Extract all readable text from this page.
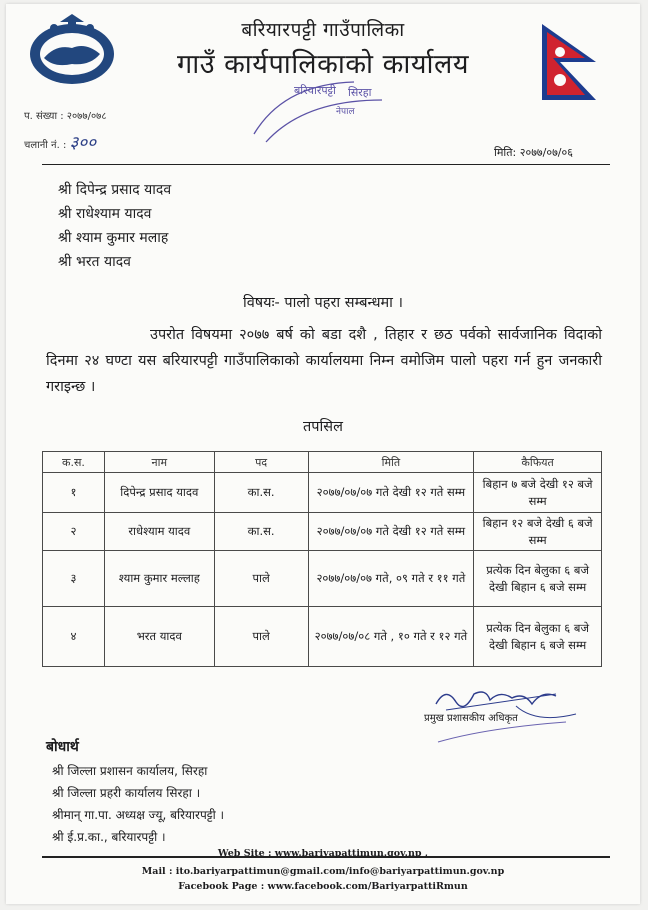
बरियारपट्टी गाउँपालिका
गाउँ कार्यपालिकाको कार्यालय
बरियारपट्टी सिरहा
नेपाल
प. संख्या : २०७७/०७८
चलानी नं. : ३००	मिति: २०७७/०७/०६
श्री दिपेन्द्र प्रसाद यादव
श्री राधेश्याम यादव
श्री श्याम कुमार मलाह
श्री भरत यादव
विषयः- पालो पहरा सम्बन्धमा ।

उपरोत विषयमा २०७७ बर्ष को बडा दशै , तिहार र छठ पर्वको सार्वजानिक विदाको दिनमा २४ घण्टा यस बरियारपट्टी गाउँपालिकाको कार्यालयमा निम्न वमोजिम पालो पहरा गर्न हुन जनकारी गराइन्छ ।

तपसिल
क.स.	नाम	पद	मिति	कैफियत
१	दिपेन्द्र प्रसाद यादव	का.स.	२०७७/०७/०७ गते देखी १२ गते सम्म	बिहान ७ बजे देखी १२ बजे सम्म
२	राधेश्याम यादव	का.स.	२०७७/०७/०७ गते देखी १२ गते सम्म	बिहान १२ बजे देखी ६ बजे सम्म
३	श्याम कुमार मल्लाह	पाले	२०७७/०७/०७ गते, ०९ गते र ११ गते	प्रत्येक दिन बेलुका ६ बजे देखी बिहान ६ बजे सम्म
४	भरत यादव	पाले	२०७७/०७/०८ गते , १० गते र १२ गते	प्रत्येक दिन बेलुका ६ बजे देखी बिहान ६ बजे सम्म
प्रमुख प्रशासकीय अधिकृत
बोधार्थ
श्री जिल्ला प्रशासन कार्यालय, सिरहा
श्री जिल्ला प्रहरी कार्यालय सिरहा ।
श्रीमान् गा.पा. अध्यक्ष ज्यू, बरियारपट्टी ।
श्री ई.प्र.का., बरियारपट्टी ।
Web Site : www.bariyapattimun.gov.np ,
Mail : ito.bariyarpattimun@gmail.com/info@bariyarpattimun.gov.np
Facebook Page : www.facebook.com/BariyarpattiRmun
